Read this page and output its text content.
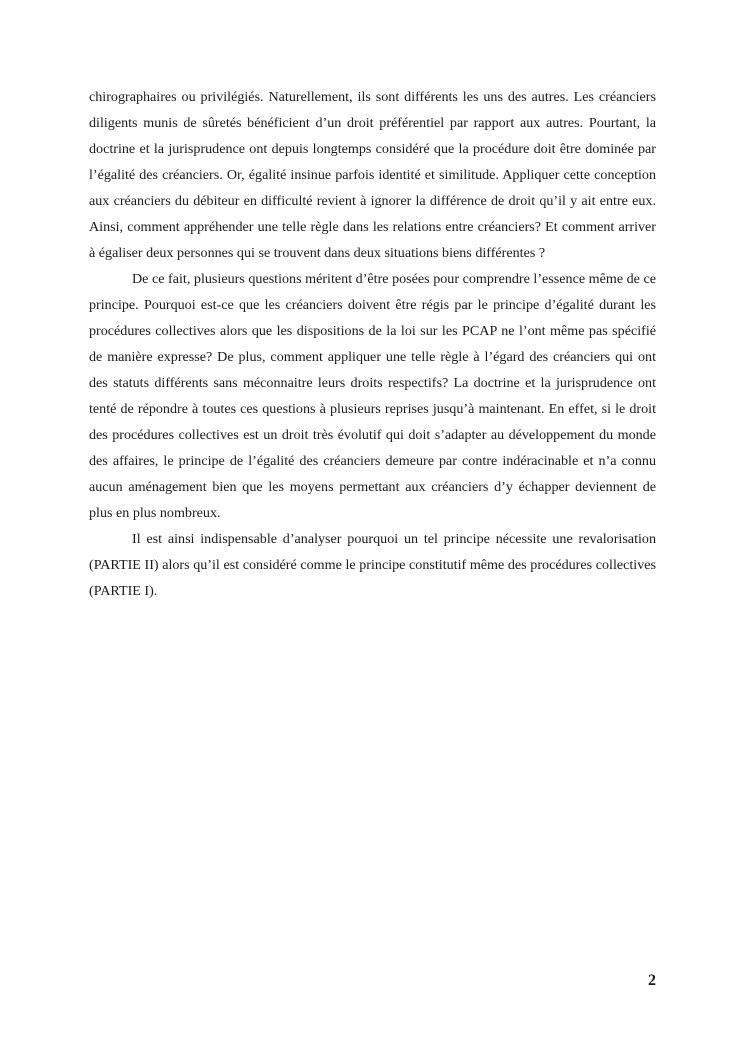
chirographaires ou privilégiés. Naturellement, ils sont différents les uns des autres. Les créanciers diligents munis de sûretés bénéficient d’un droit préférentiel par rapport aux autres. Pourtant, la doctrine et la jurisprudence ont depuis longtemps considéré que la procédure doit être dominée par l’égalité des créanciers. Or, égalité insinue parfois identité et similitude. Appliquer cette conception aux créanciers du débiteur en difficulté revient à ignorer la différence de droit qu’il y ait entre eux. Ainsi, comment appréhender une telle règle dans les relations entre créanciers? Et comment arriver à égaliser deux personnes qui se trouvent dans deux situations biens différentes ?

De ce fait, plusieurs questions méritent d’être posées pour comprendre l’essence même de ce principe. Pourquoi est-ce que les créanciers doivent être régis par le principe d’égalité durant les procédures collectives alors que les dispositions de la loi sur les PCAP ne l’ont même pas spécifié de manière expresse? De plus, comment appliquer une telle règle à l’égard des créanciers qui ont des statuts différents sans méconnaitre leurs droits respectifs? La doctrine et la jurisprudence ont tenté de répondre à toutes ces questions à plusieurs reprises jusqu’à maintenant. En effet, si le droit des procédures collectives est un droit très évolutif qui doit s’adapter au développement du monde des affaires, le principe de l’égalité des créanciers demeure par contre indéracinable et n’a connu aucun aménagement bien que les moyens permettant aux créanciers d’y échapper deviennent de plus en plus nombreux.

Il est ainsi indispensable d’analyser pourquoi un tel principe nécessite une revalorisation (PARTIE II) alors qu’il est considéré comme le principe constitutif même des procédures collectives (PARTIE I).

2
